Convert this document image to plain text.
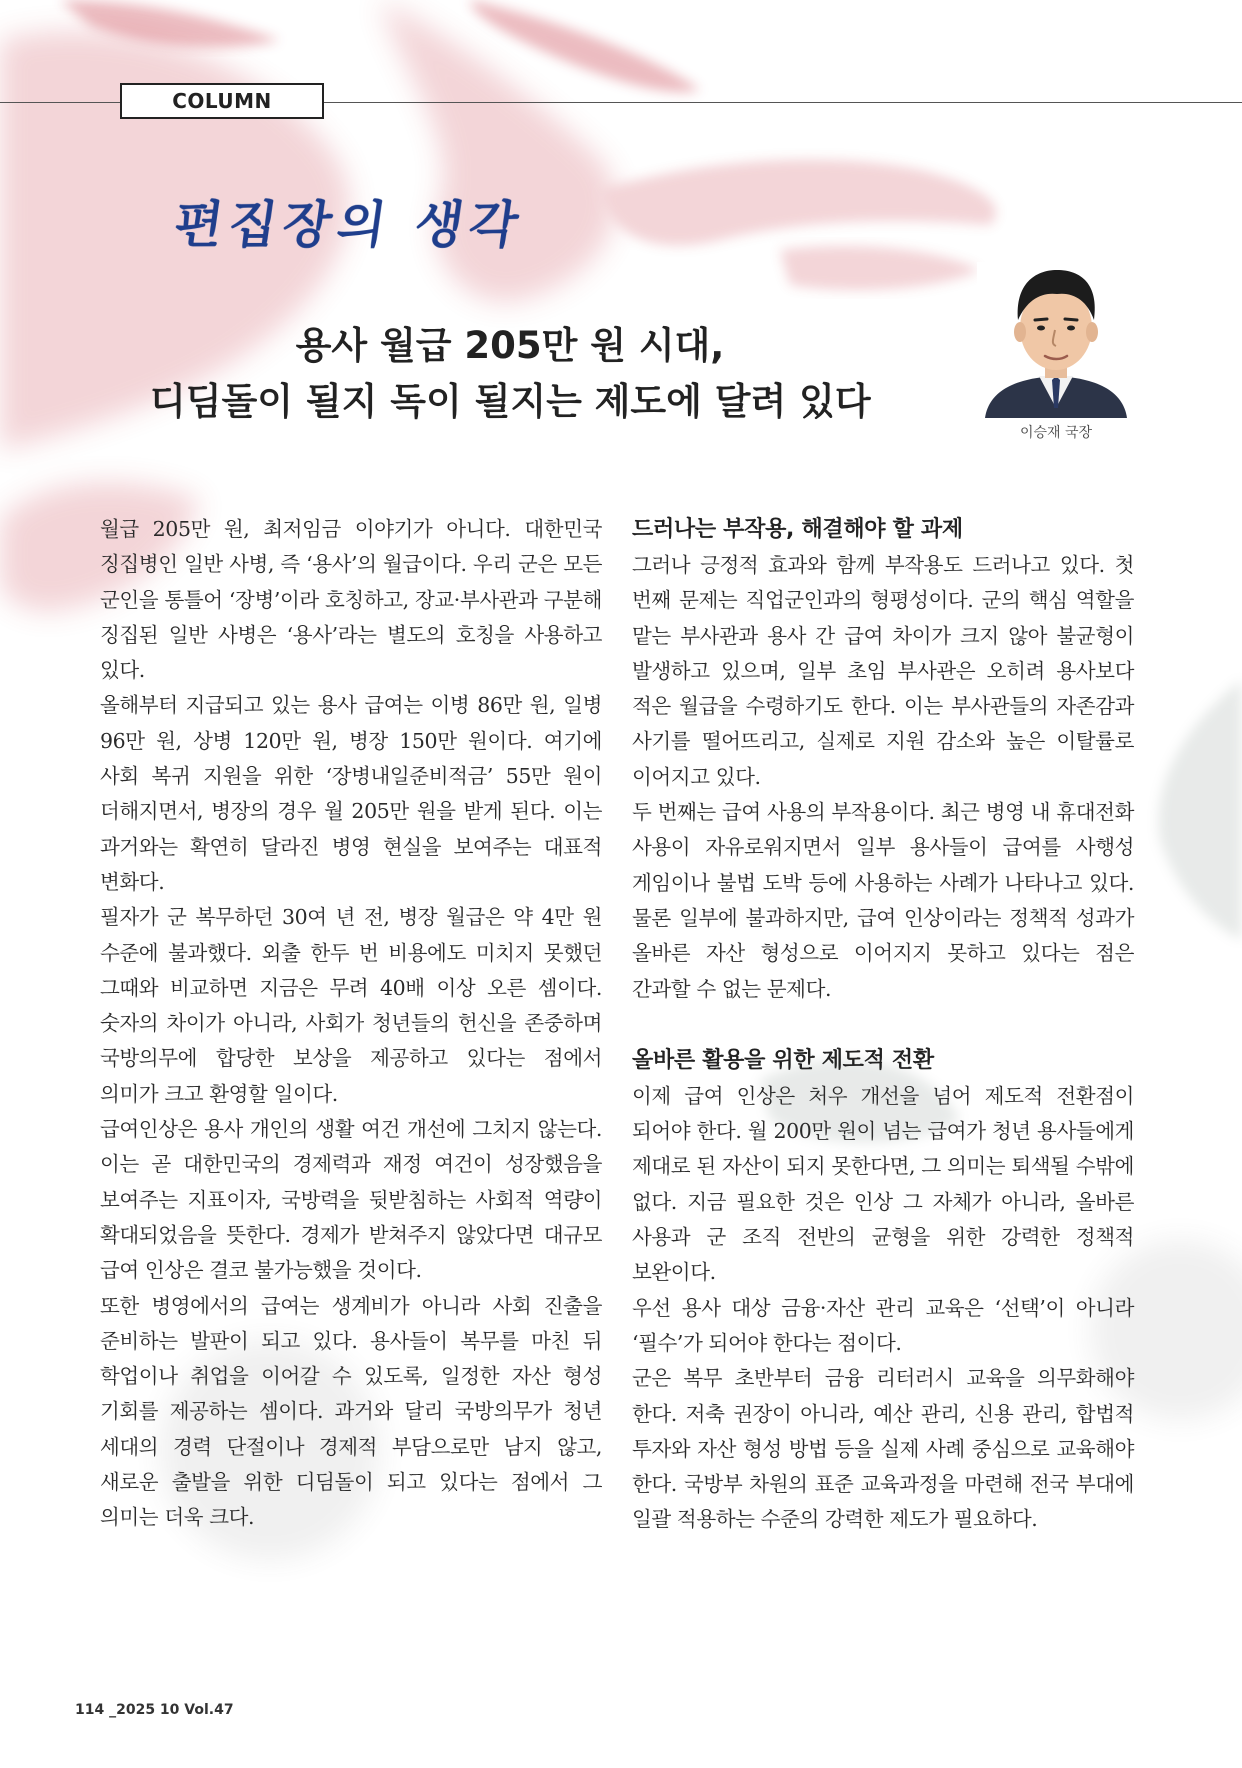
COLUMN
편집장의 생각
용사 월급 205만 원 시대,
디딤돌이 될지 독이 될지는 제도에 달려 있다
이승재 국장

월급 205만 원, 최저임금 이야기가 아니다. 대한민국 징집병인 일반 사병, 즉 ‘용사’의 월급이다. 우리 군은 모든 군인을 통틀어 ‘장병’이라 호칭하고, 장교·부사관과 구분해 징집된 일반 사병은 ‘용사’라는 별도의 호칭을 사용하고 있다.

올해부터 지급되고 있는 용사 급여는 이병 86만 원, 일병 96만 원, 상병 120만 원, 병장 150만 원이다. 여기에 사회 복귀 지원을 위한 ‘장병내일준비적금’ 55만 원이 더해지면서, 병장의 경우 월 205만 원을 받게 된다. 이는 과거와는 확연히 달라진 병영 현실을 보여주는 대표적 변화다.

필자가 군 복무하던 30여 년 전, 병장 월급은 약 4만 원 수준에 불과했다. 외출 한두 번 비용에도 미치지 못했던 그때와 비교하면 지금은 무려 40배 이상 오른 셈이다. 숫자의 차이가 아니라, 사회가 청년들의 헌신을 존중하며 국방의무에 합당한 보상을 제공하고 있다는 점에서 의미가 크고 환영할 일이다.

급여인상은 용사 개인의 생활 여건 개선에 그치지 않는다. 이는 곧 대한민국의 경제력과 재정 여건이 성장했음을 보여주는 지표이자, 국방력을 뒷받침하는 사회적 역량이 확대되었음을 뜻한다. 경제가 받쳐주지 않았다면 대규모 급여 인상은 결코 불가능했을 것이다.

또한 병영에서의 급여는 생계비가 아니라 사회 진출을 준비하는 발판이 되고 있다. 용사들이 복무를 마친 뒤 학업이나 취업을 이어갈 수 있도록, 일정한 자산 형성 기회를 제공하는 셈이다. 과거와 달리 국방의무가 청년 세대의 경력 단절이나 경제적 부담으로만 남지 않고, 새로운 출발을 위한 디딤돌이 되고 있다는 점에서 그 의미는 더욱 크다.

드러나는 부작용, 해결해야 할 과제

그러나 긍정적 효과와 함께 부작용도 드러나고 있다. 첫 번째 문제는 직업군인과의 형평성이다. 군의 핵심 역할을 맡는 부사관과 용사 간 급여 차이가 크지 않아 불균형이 발생하고 있으며, 일부 초임 부사관은 오히려 용사보다 적은 월급을 수령하기도 한다. 이는 부사관들의 자존감과 사기를 떨어뜨리고, 실제로 지원 감소와 높은 이탈률로 이어지고 있다.

두 번째는 급여 사용의 부작용이다. 최근 병영 내 휴대전화 사용이 자유로워지면서 일부 용사들이 급여를 사행성 게임이나 불법 도박 등에 사용하는 사례가 나타나고 있다. 물론 일부에 불과하지만, 급여 인상이라는 정책적 성과가 올바른 자산 형성으로 이어지지 못하고 있다는 점은 간과할 수 없는 문제다.

올바른 활용을 위한 제도적 전환

이제 급여 인상은 처우 개선을 넘어 제도적 전환점이 되어야 한다. 월 200만 원이 넘는 급여가 청년 용사들에게 제대로 된 자산이 되지 못한다면, 그 의미는 퇴색될 수밖에 없다. 지금 필요한 것은 인상 그 자체가 아니라, 올바른 사용과 군 조직 전반의 균형을 위한 강력한 정책적 보완이다.

우선 용사 대상 금융·자산 관리 교육은 ‘선택’이 아니라 ‘필수’가 되어야 한다는 점이다.

군은 복무 초반부터 금융 리터러시 교육을 의무화해야 한다. 저축 권장이 아니라, 예산 관리, 신용 관리, 합법적 투자와 자산 형성 방법 등을 실제 사례 중심으로 교육해야 한다. 국방부 차원의 표준 교육과정을 마련해 전국 부대에 일괄 적용하는 수준의 강력한 제도가 필요하다.

114 _2025 10 Vol.47
